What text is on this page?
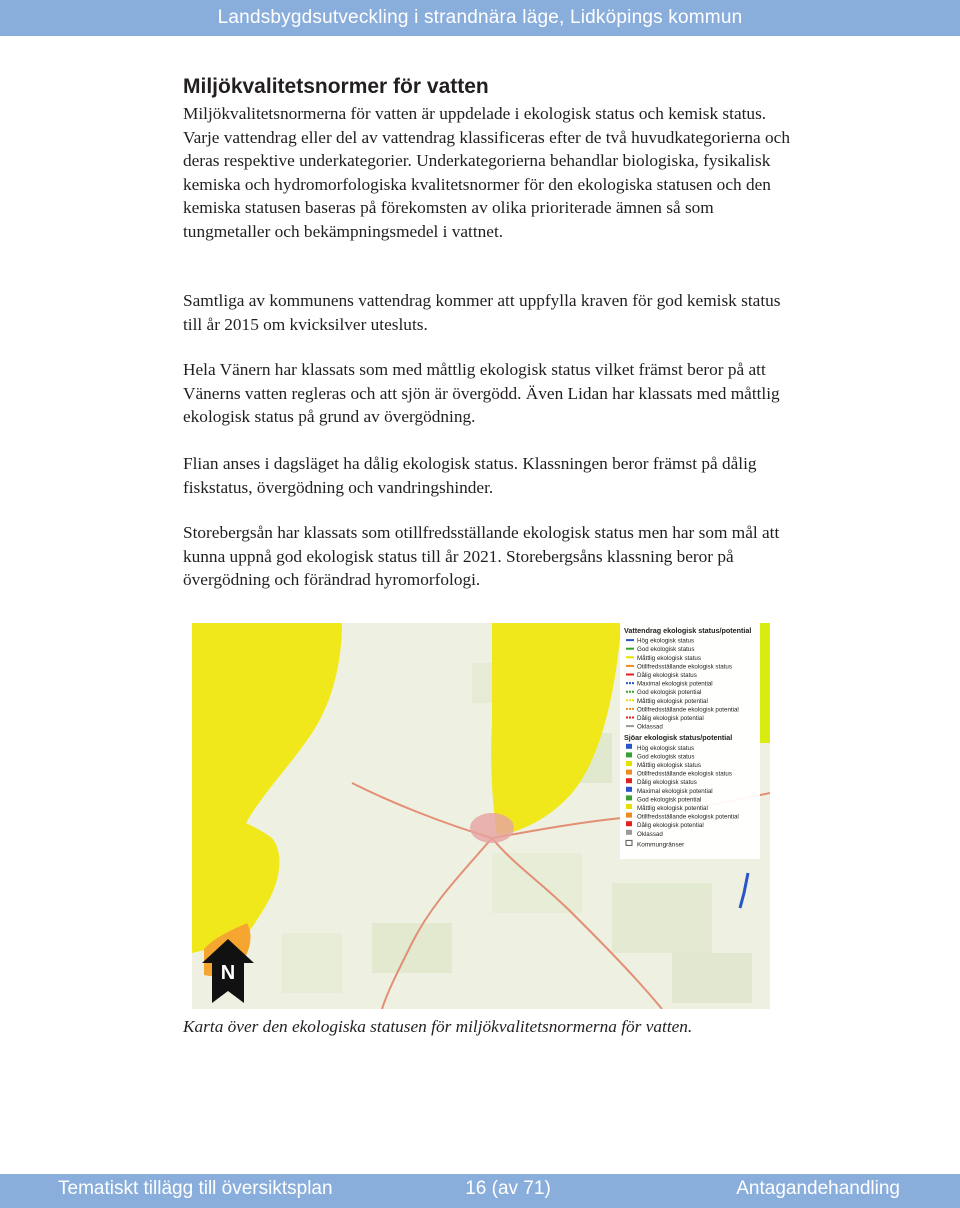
Landsbygdsutveckling i strandnära läge, Lidköpings kommun
Miljökvalitetsnormer för vatten

Miljökvalitetsnormerna för vatten är uppdelade i ekologisk status och kemisk status. Varje vattendrag eller del av vattendrag klassificeras efter de två huvudkategorierna och deras respektive underkategorier. Underkategorierna behandlar biologiska, fysikalisk kemiska och hydromorfologiska kvalitetsnormer för den ekologiska statusen och den kemiska statusen baseras på förekomsten av olika prioriterade ämnen så som tungmetaller och bekämpningsmedel i vattnet.

Samtliga av kommunens vattendrag kommer att uppfylla kraven för god kemisk status till år 2015 om kvicksilver utesluts.

Hela Vänern har klassats som med måttlig ekologisk status vilket främst beror på att Vänerns vatten regleras och att sjön är övergödd. Även Lidan har klassats med måttlig ekologisk status på grund av övergödning.

Flian anses i dagsläget ha dålig ekologisk status. Klassningen beror främst på dålig fiskstatus, övergödning och vandringshinder.

Storebergsån har klassats som otillfredsställande ekologisk status men har som mål att kunna uppnå god ekologisk status till år 2021. Storebergsåns klassning beror på övergödning och förändrad hyromorfologi.

Vattendrag ekologisk status/potential
Hög ekologisk status
God ekologisk status
Måttlig ekologisk status
Otillfredsställande ekologisk status
Dålig ekologisk status
Maximal ekologisk potential
God ekologisk potential
Måttlig ekologisk potential
Otillfredsställande ekologisk potential
Dålig ekologisk potential
Oklassad
Sjöar ekologisk status/potential
Hög ekologisk status
God ekologisk status
Måttlig ekologisk status
Otillfredsställande ekologisk status
Dålig ekologisk status
Maximal ekologisk potential
God ekologisk potential
Måttlig ekologisk potential
Otillfredsställande ekologisk potential
Dålig ekologisk potential
Oklassad
Kommungränser
N
Karta över den ekologiska statusen för miljökvalitetsnormerna för vatten.
Tematiskt tillägg till översiktsplan	16 (av 71)	Antagandehandling
